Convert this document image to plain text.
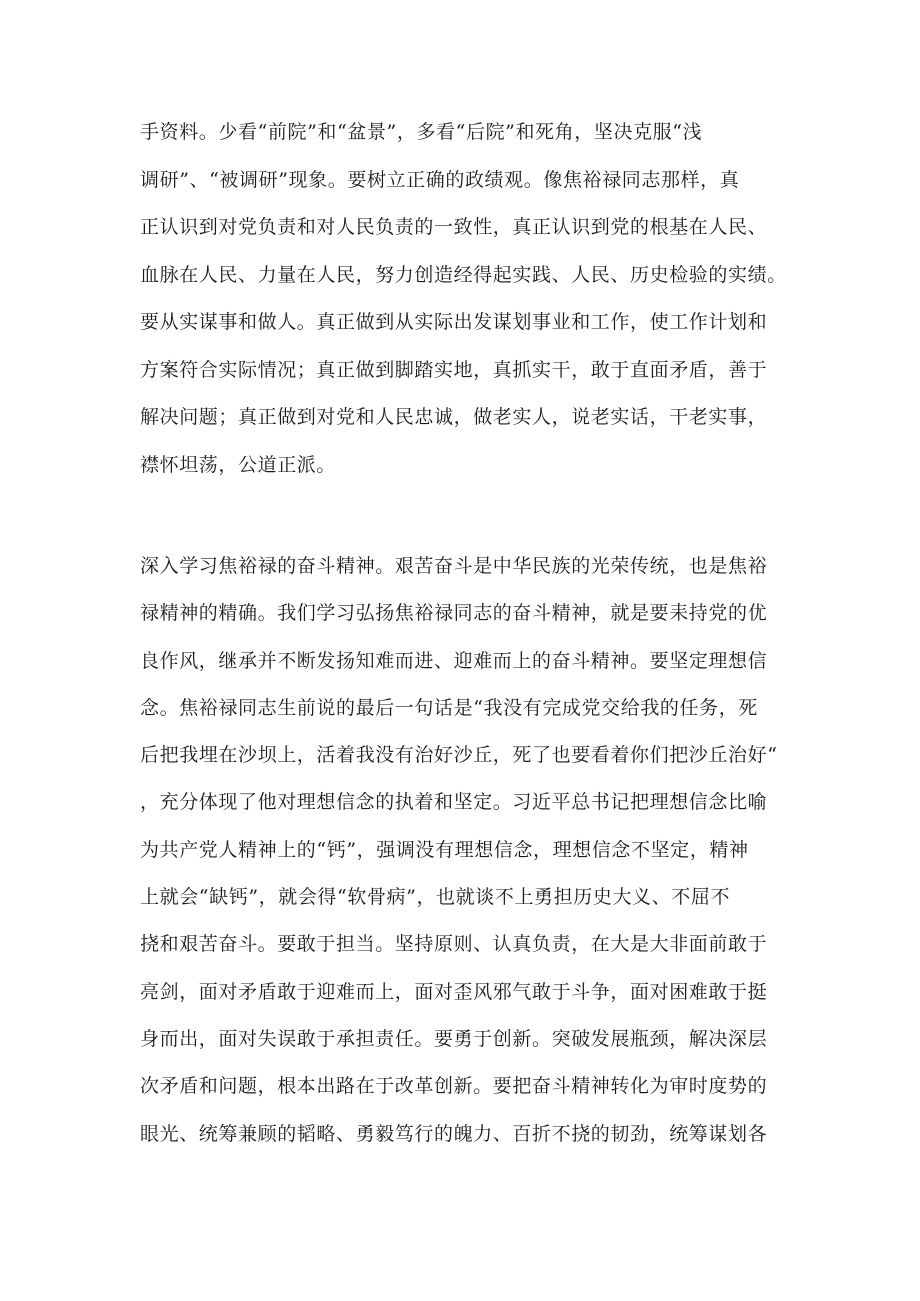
手资料。少看“前院”和“盆景”，多看“后院”和死角，坚决克服“浅
调研”、“被调研”现象。要树立正确的政绩观。像焦裕禄同志那样，真
正认识到对党负责和对人民负责的一致性，真正认识到党的根基在人民、
血脉在人民、力量在人民，努力创造经得起实践、人民、历史检验的实绩。
要从实谋事和做人。真正做到从实际出发谋划事业和工作，使工作计划和
方案符合实际情况；真正做到脚踏实地，真抓实干，敢于直面矛盾，善于
解决问题；真正做到对党和人民忠诚，做老实人，说老实话，干老实事，
襟怀坦荡，公道正派。
深入学习焦裕禄的奋斗精神。艰苦奋斗是中华民族的光荣传统，也是焦裕
禄精神的精确。我们学习弘扬焦裕禄同志的奋斗精神，就是要耒持党的优
良作风，继承并不断发扬知难而进、迎难而上的奋斗精神。要坚定理想信
念。焦裕禄同志生前说的最后一句话是“我没有完成党交给我的任务，死
后把我埋在沙坝上，活着我没有治好沙丘，死了也要看着你们把沙丘治好“
，充分体现了他对理想信念的执着和坚定。习近平总书记把理想信念比喻
为共产党人精神上的“钙”，强调没有理想信念，理想信念不坚定，精神
上就会“缺钙”，就会得“软骨病”，也就谈不上勇担历史大义、不屈不
挠和艰苦奋斗。要敢于担当。坚持原则、认真负责，在大是大非面前敢于
亮剑，面对矛盾敢于迎难而上，面对歪风邪气敢于斗争，面对困难敢于挺
身而出，面对失误敢于承担责任。要勇于创新。突破发展瓶颈，解决深层
次矛盾和问题，根本出路在于改革创新。要把奋斗精神转化为审时度势的
眼光、统筹兼顾的韬略、勇毅笃行的魄力、百折不挠的韧劲，统筹谋划各
